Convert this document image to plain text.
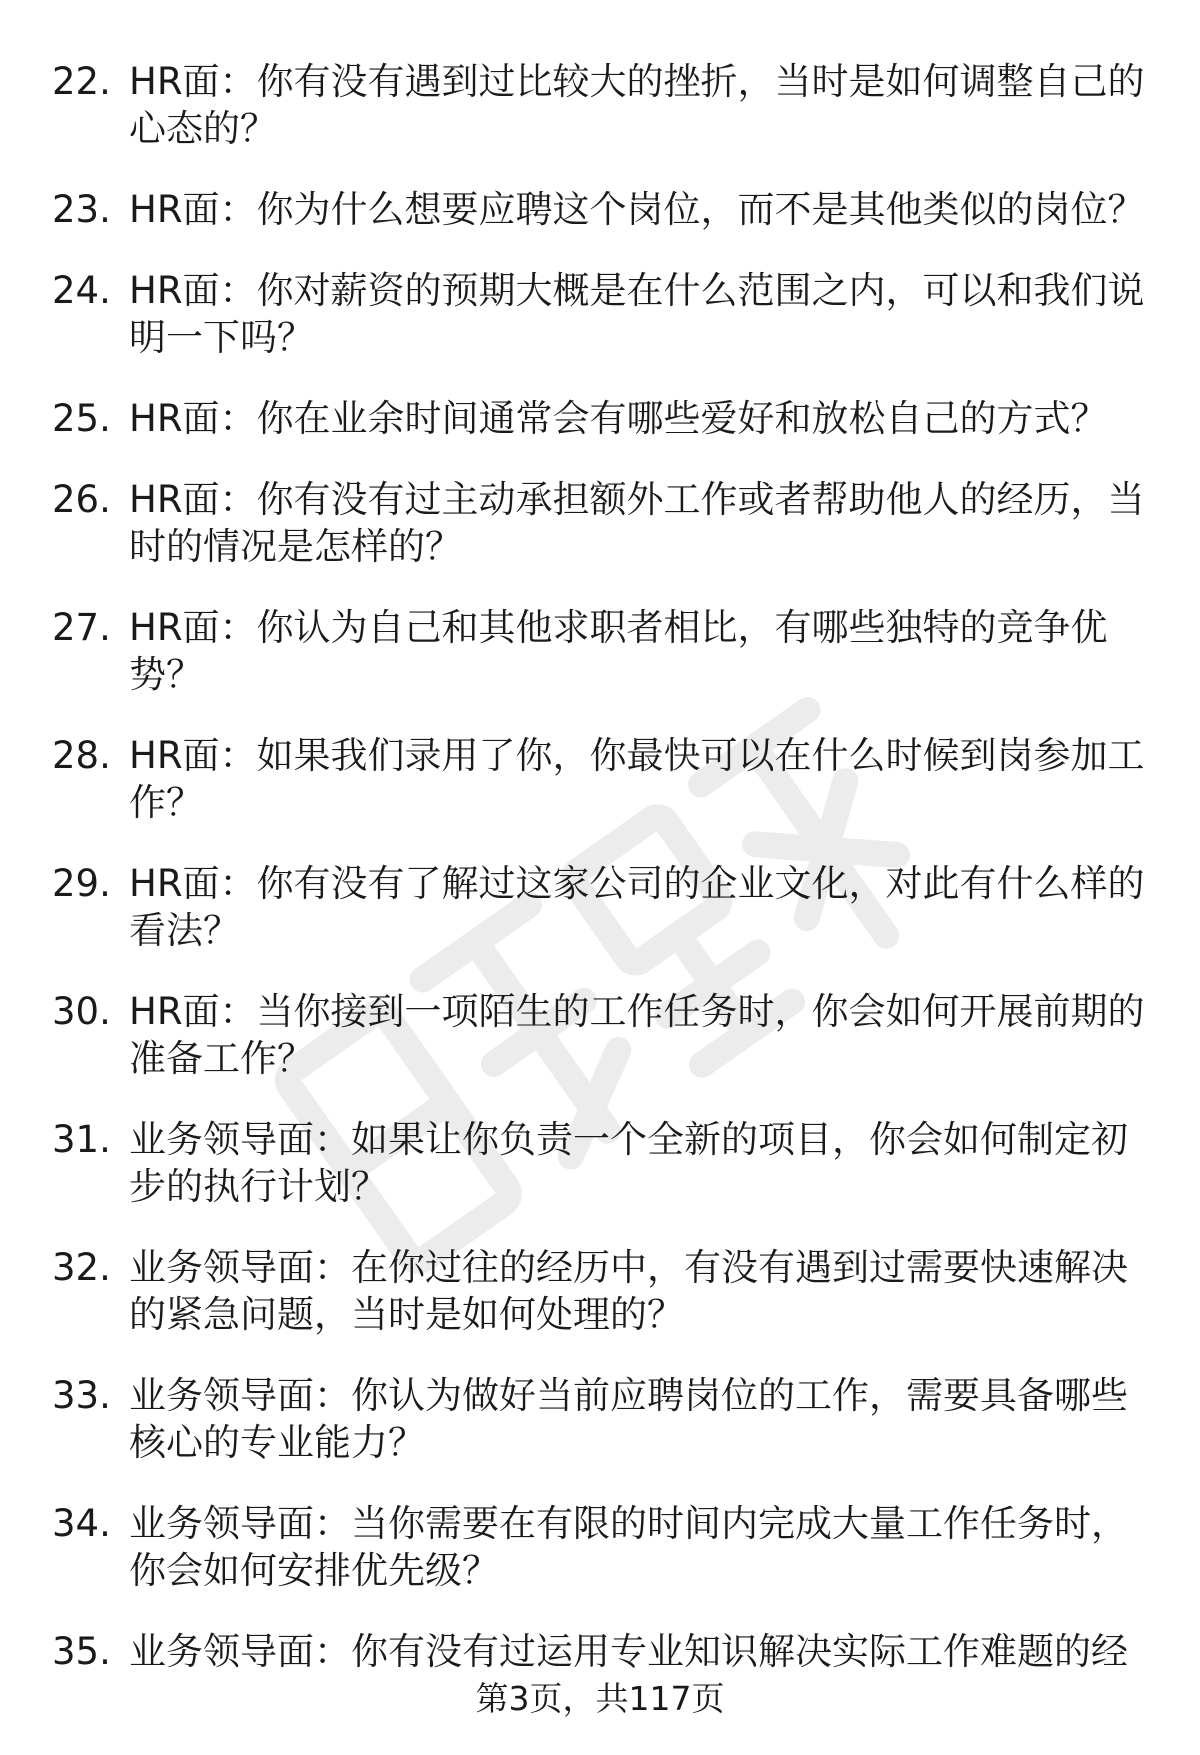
22. HR面：你有没有遇到过比较大的挫折，当时是如何调整自己的心态的？
23. HR面：你为什么想要应聘这个岗位，而不是其他类似的岗位？
24. HR面：你对薪资的预期大概是在什么范围之内，可以和我们说明一下吗？
25. HR面：你在业余时间通常会有哪些爱好和放松自己的方式？
26. HR面：你有没有过主动承担额外工作或者帮助他人的经历，当时的情况是怎样的？
27. HR面：你认为自己和其他求职者相比，有哪些独特的竞争优势？
28. HR面：如果我们录用了你，你最快可以在什么时候到岗参加工作？
29. HR面：你有没有了解过这家公司的企业文化，对此有什么样的看法？
30. HR面：当你接到一项陌生的工作任务时，你会如何开展前期的准备工作？
31. 业务领导面：如果让你负责一个全新的项目，你会如何制定初步的执行计划？
32. 业务领导面：在你过往的经历中，有没有遇到过需要快速解决的紧急问题，当时是如何处理的？
33. 业务领导面：你认为做好当前应聘岗位的工作，需要具备哪些核心的专业能力？
34. 业务领导面：当你需要在有限的时间内完成大量工作任务时，你会如何安排优先级？
35. 业务领导面：你有没有过运用专业知识解决实际工作难题的经
第3页，共117页
